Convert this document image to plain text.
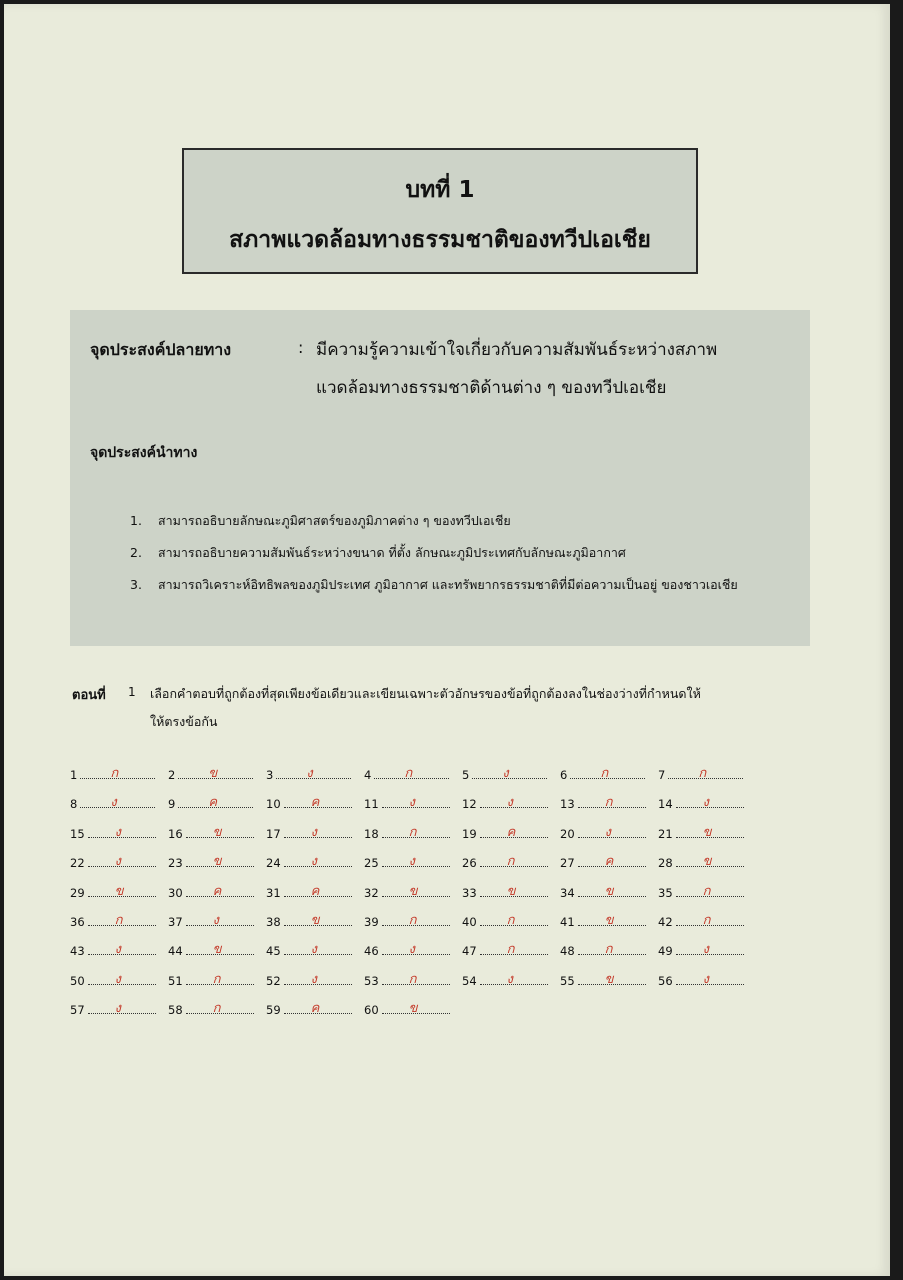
บทที่ 1
สภาพแวดล้อมทางธรรมชาติของทวีปเอเชีย
จุดประสงค์ปลายทาง	: มีความรู้ความเข้าใจเกี่ยวกับความสัมพันธ์ระหว่างสภาพ
แวดล้อมทางธรรมชาติด้านต่าง ๆ ของทวีปเอเชีย
จุดประสงค์นำทาง
1. สามารถอธิบายลักษณะภูมิศาสตร์ของภูมิภาคต่าง ๆ ของทวีปเอเชีย
2. สามารถอธิบายความสัมพันธ์ระหว่างขนาด ที่ตั้ง ลักษณะภูมิประเทศกับลักษณะภูมิอากาศ
3. สามารถวิเคราะห์อิทธิพลของภูมิประเทศ ภูมิอากาศ และทรัพยากรธรรมชาติที่มีต่อความเป็นอยู่ ของชาวเอเชีย
ตอนที่ 1 เลือกคำตอบที่ถูกต้องที่สุดเพียงข้อเดียวและเขียนเฉพาะตัวอักษรของข้อที่ถูกต้องลงในช่องว่างที่กำหนดให้
ให้ตรงข้อกัน
1	ก	2	ข	3	ง	4	ก	5	ง	6	ก	7	ก
8	ง	9	ค	10 ค	11 ง	12 ง	13 ก	14 ง
15 ง	16 ข	17 ง	18 ก	19 ค	20 ง	21 ข
22 ง	23 ข	24 ง	25 ง	26 ก	27 ค	28 ข
29 ข	30 ค	31 ค	32 ข	33 ข	34 ข	35 ก
36 ก	37 ง	38 ข	39 ก	40 ก	41 ข	42 ก
43 ง	44 ข	45 ง	46 ง	47 ก	48 ก	49 ง
50 ง	51 ก	52 ง	53 ก	54 ง	55 ข	56 ง
57 ง	58 ก	59 ค	60 ข
